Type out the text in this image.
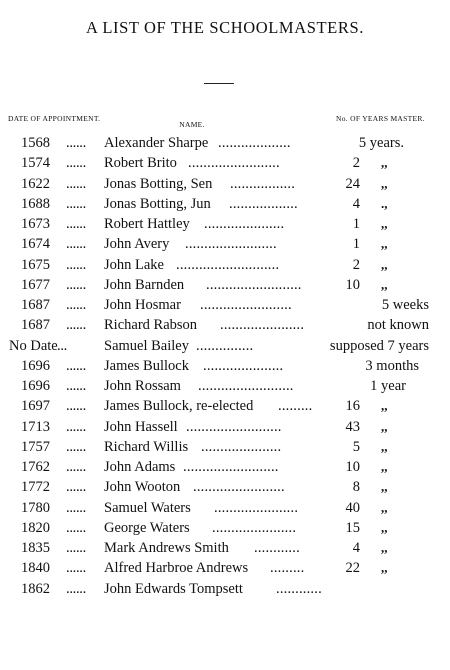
A LIST OF THE SCHOOLMASTERS.
DATE OF APPOINTMENT.
NAME.
No. OF YEARS MASTER.
1568 ...... Alexander Sharpe ...................	5 years.
1574 ...... Robert Brito ........................	2 ,,
1622 ...... Jonas Botting, Sen .................	24 ,,
1688 ...... Jonas Botting, Jun ..................	4 .,
1673 ...... Robert Hattley .....................	1 ,,
1674 ...... John Avery ........................	1 ,,
1675 ...... John Lake ...........................	2 ,,
1677 ...... John Barnden .........................	10 ,,
1687 ...... John Hosmar ........................	5 weeks
1687 ...... Richard Rabson ......................	not known
No Date ...	Samuel Bailey ...............	supposed 7 years
1696 ...... James Bullock .....................	3 months
1696 ...... John Rossam .........................	1 year
1697 ...... James Bullock, re-elected ......... 16 ,,
1713 ...... John Hassell .........................	43 ,,
1757 ...... Richard Willis .....................	5 ,,
1762 ...... John Adams .........................	10 ,,
1772 ...... John Wooton ........................	8 ,,
1780 ...... Samuel Waters ......................	40 ,,
1820 ...... George Waters ......................	15 ,,
1835 ...... Mark Andrews Smith ............	4 ,,
1840 ...... Alfred Harbroe Andrews .........	22 ,,
1862 ...... John Edwards Tompsett ............
